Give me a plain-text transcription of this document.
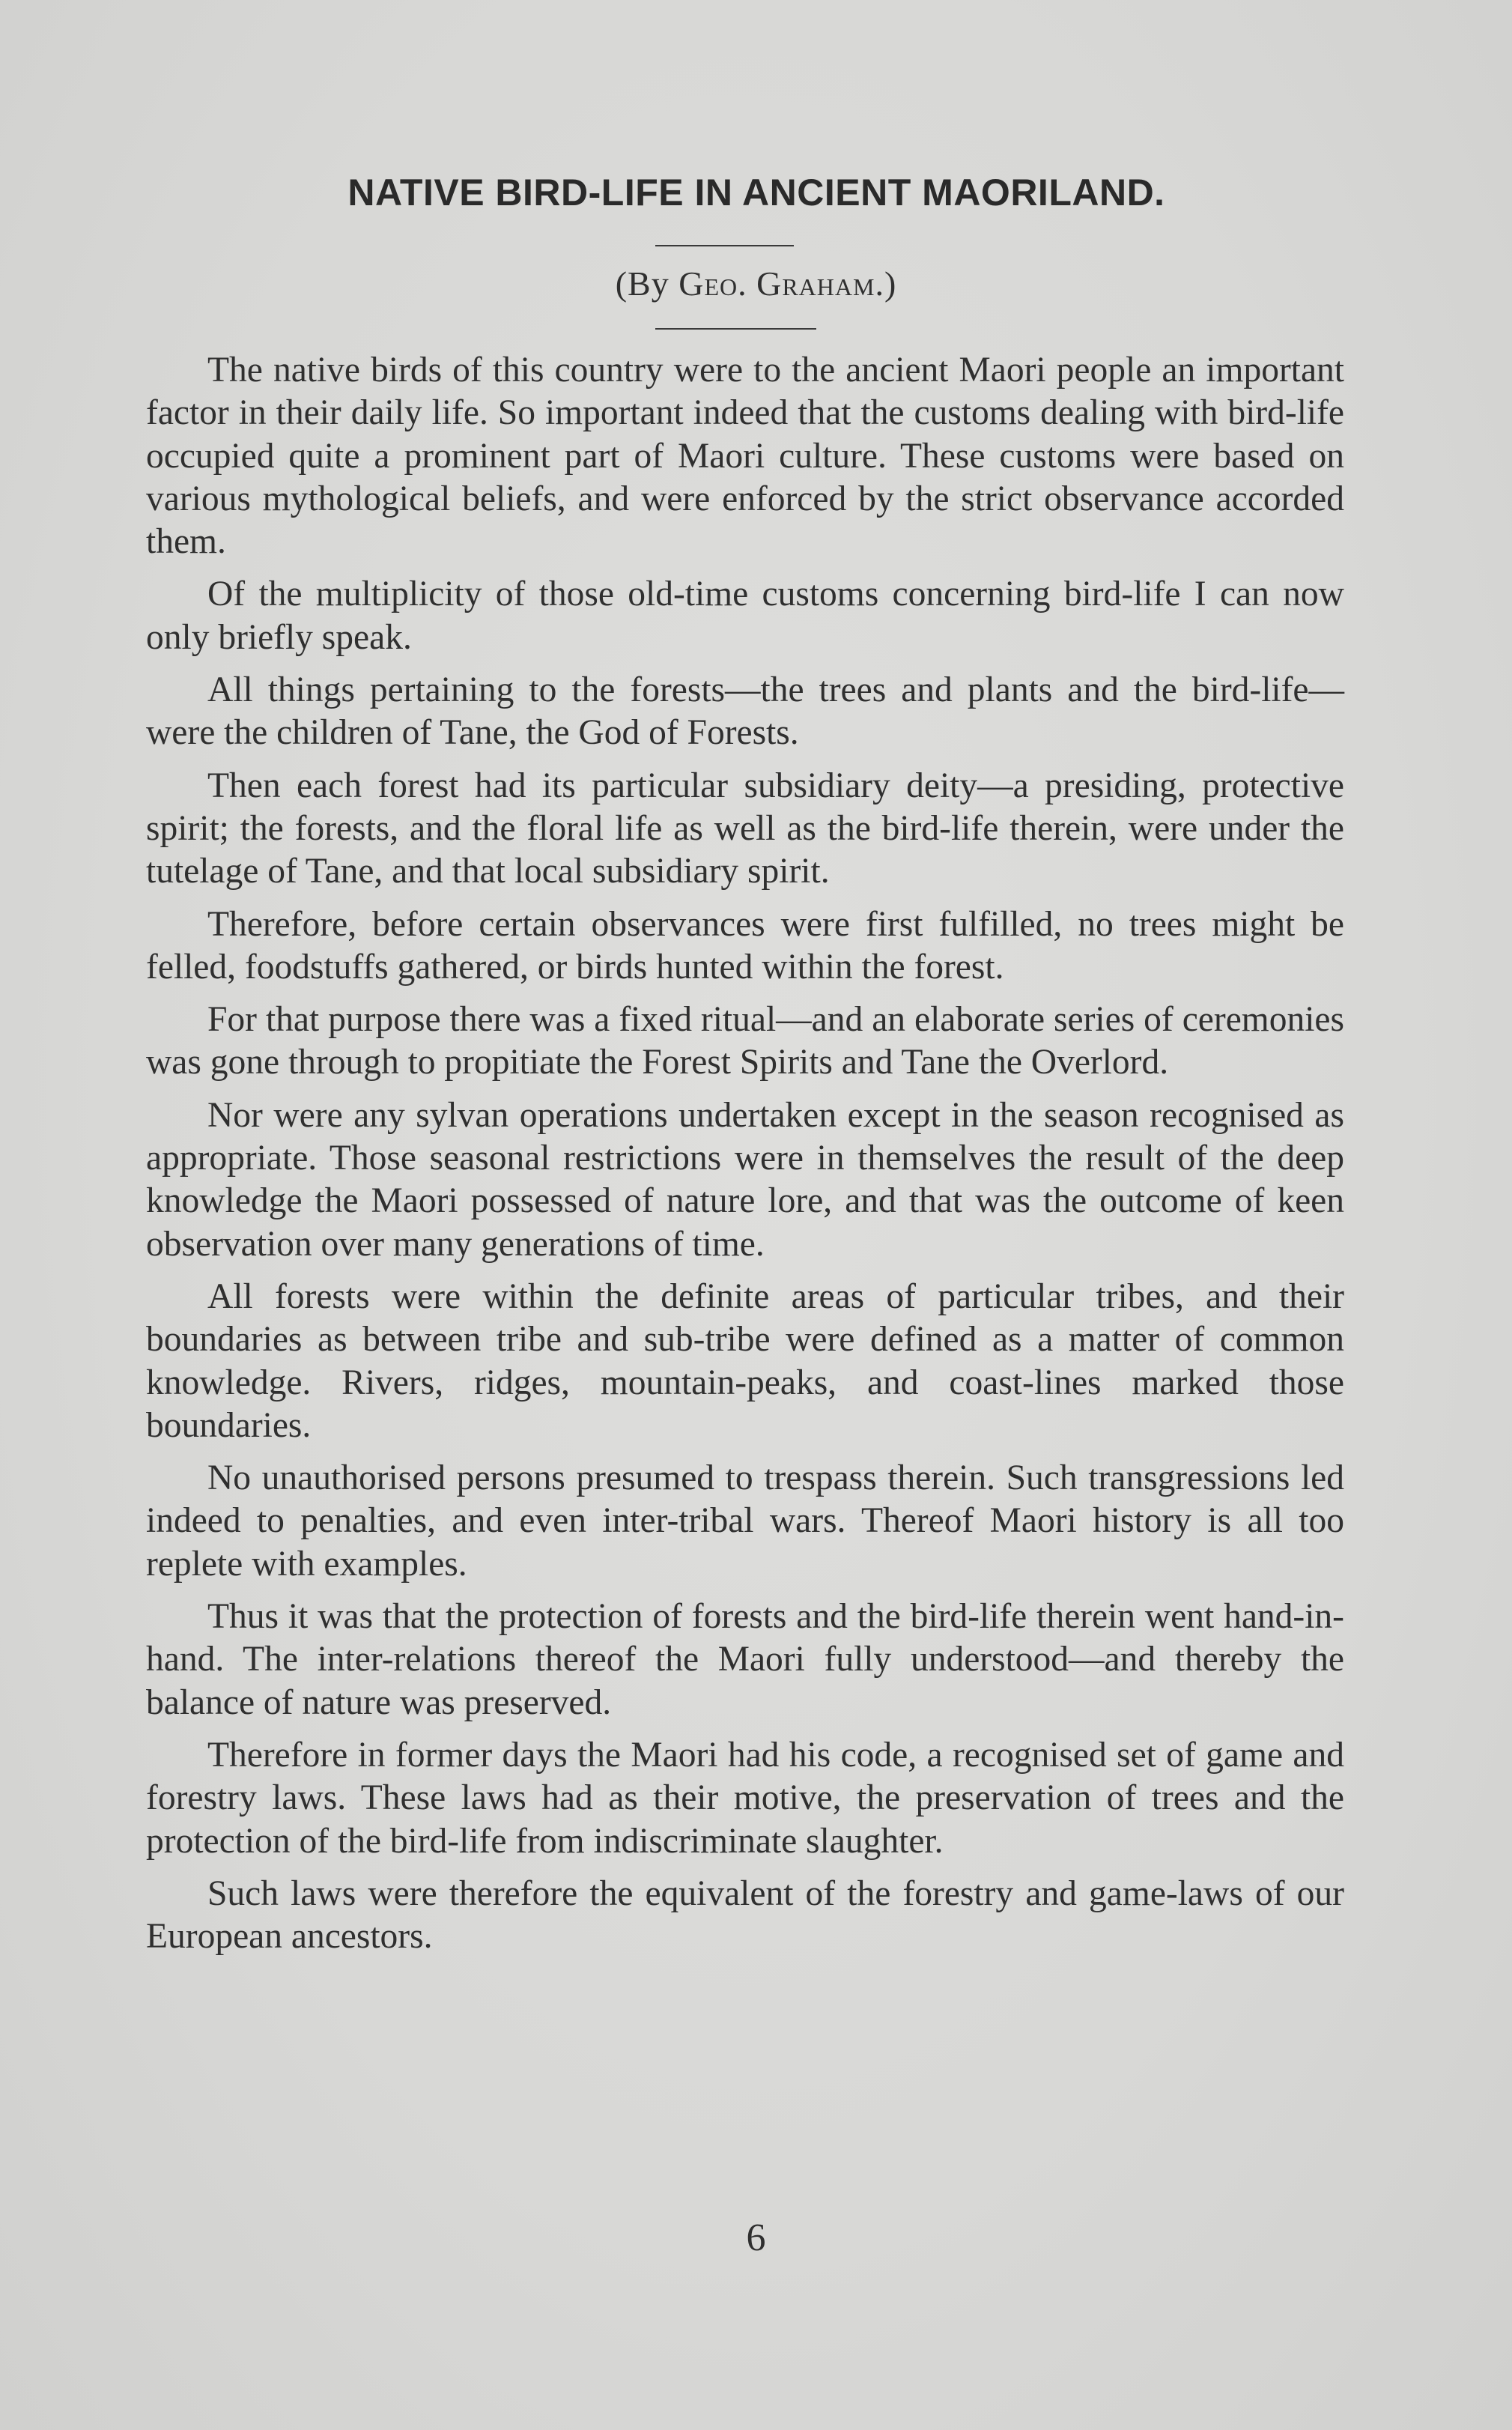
NATIVE BIRD-LIFE IN ANCIENT MAORILAND.
(By Geo. Graham.)

The native birds of this country were to the ancient Maori people an important factor in their daily life. So important indeed that the customs dealing with bird-life occupied quite a prominent part of Maori culture. These customs were based on various mythological beliefs, and were enforced by the strict observance accorded them.

Of the multiplicity of those old-time customs concerning bird-life I can now only briefly speak.

All things pertaining to the forests—the trees and plants and the bird-life—were the children of Tane, the God of Forests.

Then each forest had its particular subsidiary deity—a presiding, protective spirit; the forests, and the floral life as well as the bird-life therein, were under the tutelage of Tane, and that local subsidiary spirit.

Therefore, before certain observances were first fulfilled, no trees might be felled, foodstuffs gathered, or birds hunted within the forest.

For that purpose there was a fixed ritual—and an elaborate series of ceremonies was gone through to propitiate the Forest Spirits and Tane the Overlord.

Nor were any sylvan operations undertaken except in the season recognised as appropriate. Those seasonal restrictions were in themselves the result of the deep knowledge the Maori possessed of nature lore, and that was the outcome of keen observation over many generations of time.

All forests were within the definite areas of particular tribes, and their boundaries as between tribe and sub-tribe were defined as a matter of common knowledge. Rivers, ridges, mountain-peaks, and coast-lines marked those boundaries.

No unauthorised persons presumed to trespass therein. Such transgressions led indeed to penalties, and even inter-tribal wars. Thereof Maori history is all too replete with examples.

Thus it was that the protection of forests and the bird-life therein went hand-in-hand. The inter-relations thereof the Maori fully understood—and thereby the balance of nature was preserved.

Therefore in former days the Maori had his code, a recognised set of game and forestry laws. These laws had as their motive, the preservation of trees and the protection of the bird-life from indiscriminate slaughter.

Such laws were therefore the equivalent of the forestry and game-laws of our European ancestors.

6
